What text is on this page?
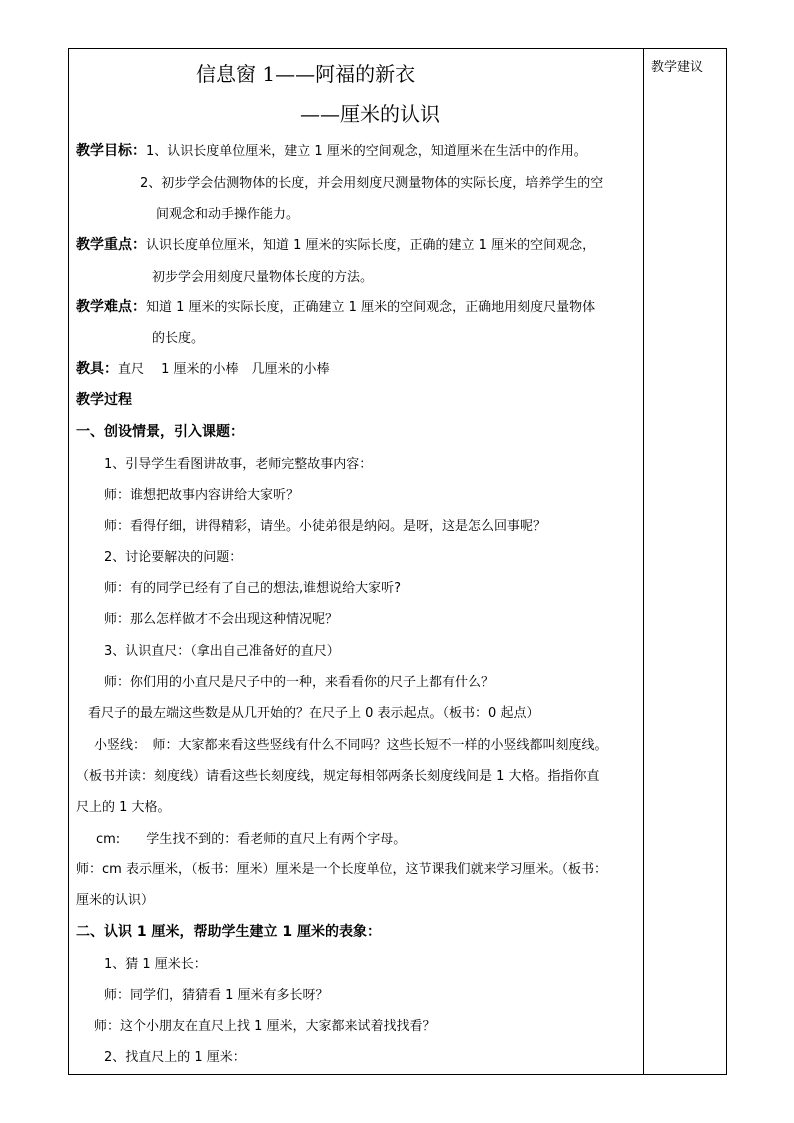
教学建议
信息窗 1——阿福的新衣
——厘米的认识
教学目标：1、认识长度单位厘米，建立 1 厘米的空间观念，知道厘米在生活中的作用。
2、初步学会估测物体的长度，并会用刻度尺测量物体的实际长度，培养学生的空
间观念和动手操作能力。
教学重点：认识长度单位厘米，知道 1 厘米的实际长度，正确的建立 1 厘米的空间观念，
初步学会用刻度尺量物体长度的方法。
教学难点：知道 1 厘米的实际长度，正确建立 1 厘米的空间观念，正确地用刻度尺量物体
的长度。
教具：直尺　 1 厘米的小棒　几厘米的小棒
教学过程
一、创设情景，引入课题：
1、引导学生看图讲故事，老师完整故事内容：
师：谁想把故事内容讲给大家听？
师：看得仔细，讲得精彩，请坐。小徒弟很是纳闷。是呀，这是怎么回事呢？
2、讨论要解决的问题：
师：有的同学已经有了自己的想法,谁想说给大家听?
师：那么怎样做才不会出现这种情况呢？
3、认识直尺：（拿出自己准备好的直尺）
师：你们用的小直尺是尺子中的一种，来看看你的尺子上都有什么？
看尺子的最左端这些数是从几开始的？在尺子上 0 表示起点。（板书：0 起点）
小竖线：　师：大家都来看这些竖线有什么不同吗？这些长短不一样的小竖线都叫刻度线。
（板书并读：刻度线）请看这些长刻度线，规定每相邻两条长刻度线间是 1 大格。指指你直
尺上的 1 大格。
cm:　　学生找不到的：看老师的直尺上有两个字母。
师：cm 表示厘米，（板书：厘米）厘米是一个长度单位，这节课我们就来学习厘米。（板书：
厘米的认识）
二、认识 1 厘米，帮助学生建立 1 厘米的表象：
1、猜 1 厘米长：
师：同学们，猜猜看 1 厘米有多长呀？
师：这个小朋友在直尺上找 1 厘米，大家都来试着找找看？
2、找直尺上的 1 厘米：
